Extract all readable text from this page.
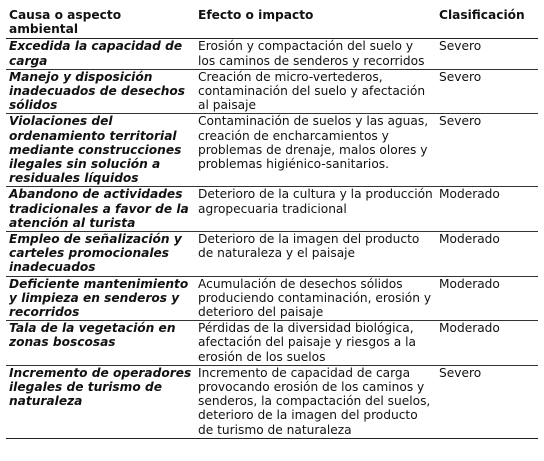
Causa o aspecto ambiental	Efecto o impacto	Clasificación
Excedida la capacidad de carga	Erosión y compactación del suelo y los caminos de senderos y recorridos	Severo
Manejo y disposición inadecuados de desechos sólidos	Creación de micro-vertederos, contaminación del suelo y afectación al paisaje	Severo
Violaciones del ordenamiento territorial mediante construcciones ilegales sin solución a residuales líquidos	Contaminación de suelos y las aguas, creación de encharcamientos y problemas de drenaje, malos olores y problemas higiénico-sanitarios.	Severo
Abandono de actividades tradicionales a favor de la atención al turista	Deterioro de la cultura y la producción agropecuaria tradicional	Moderado
Empleo de señalización y carteles promocionales inadecuados	Deterioro de la imagen del producto de naturaleza y el paisaje	Moderado
Deficiente mantenimiento y limpieza en senderos y recorridos	Acumulación de desechos sólidos produciendo contaminación, erosión y deterioro del paisaje	Moderado
Tala de la vegetación en zonas boscosas	Pérdidas de la diversidad biológica, afectación del paisaje y riesgos a la erosión de los suelos	Moderado
Incremento de operadores ilegales de turismo de naturaleza	Incremento de capacidad de carga provocando erosión de los caminos y senderos, la compactación del suelos, deterioro de la imagen del producto de turismo de naturaleza	Severo
